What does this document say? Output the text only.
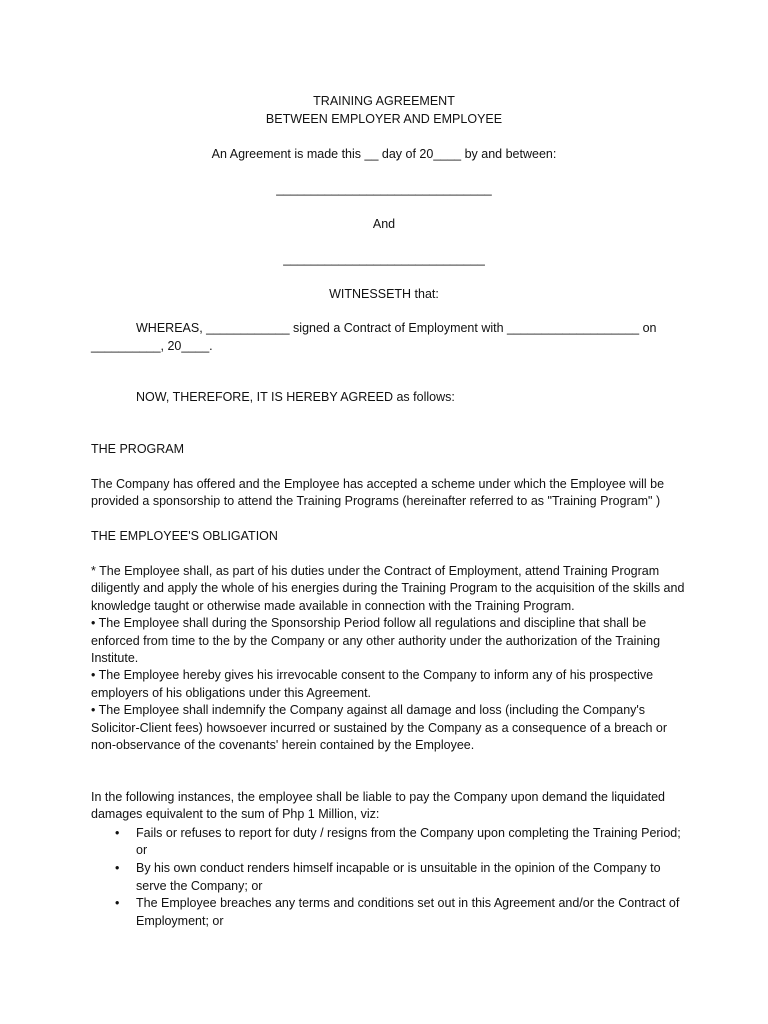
TRAINING AGREEMENT
BETWEEN EMPLOYER AND EMPLOYEE
An Agreement is made this __ day of 20____ by and between:
_______________________________
And
_____________________________
WITNESSETH that:
WHEREAS, ____________ signed a Contract of Employment with ___________________ on
__________, 20____.
NOW, THEREFORE, IT IS HEREBY AGREED as follows:
THE PROGRAM

The Company has offered and the Employee has accepted a scheme under which the Employee will be provided a sponsorship to attend the Training Programs (hereinafter referred to as "Training Program" )

THE EMPLOYEE'S OBLIGATION

* The Employee shall, as part of his duties under the Contract of Employment, attend Training Program diligently and apply the whole of his energies during the Training Program to the acquisition of the skills and knowledge taught or otherwise made available in connection with the Training Program.

• The Employee shall during the Sponsorship Period follow all regulations and discipline that shall be enforced from time to the by the Company or any other authority under the authorization of the Training Institute.

• The Employee hereby gives his irrevocable consent to the Company to inform any of his prospective employers of his obligations under this Agreement.

• The Employee shall indemnify the Company against all damage and loss (including the Company's Solicitor-Client fees) howsoever incurred or sustained by the Company as a consequence of a breach or non-observance of the covenants' herein contained by the Employee.

In the following instances, the employee shall be liable to pay the Company upon demand the liquidated damages equivalent to the sum of Php 1 Million, viz:
• Fails or refuses to report for duty / resigns from the Company upon completing the Training Period; or
• By his own conduct renders himself incapable or is unsuitable in the opinion of the Company to serve the Company; or
• The Employee breaches any terms and conditions set out in this Agreement and/or the Contract of Employment; or
